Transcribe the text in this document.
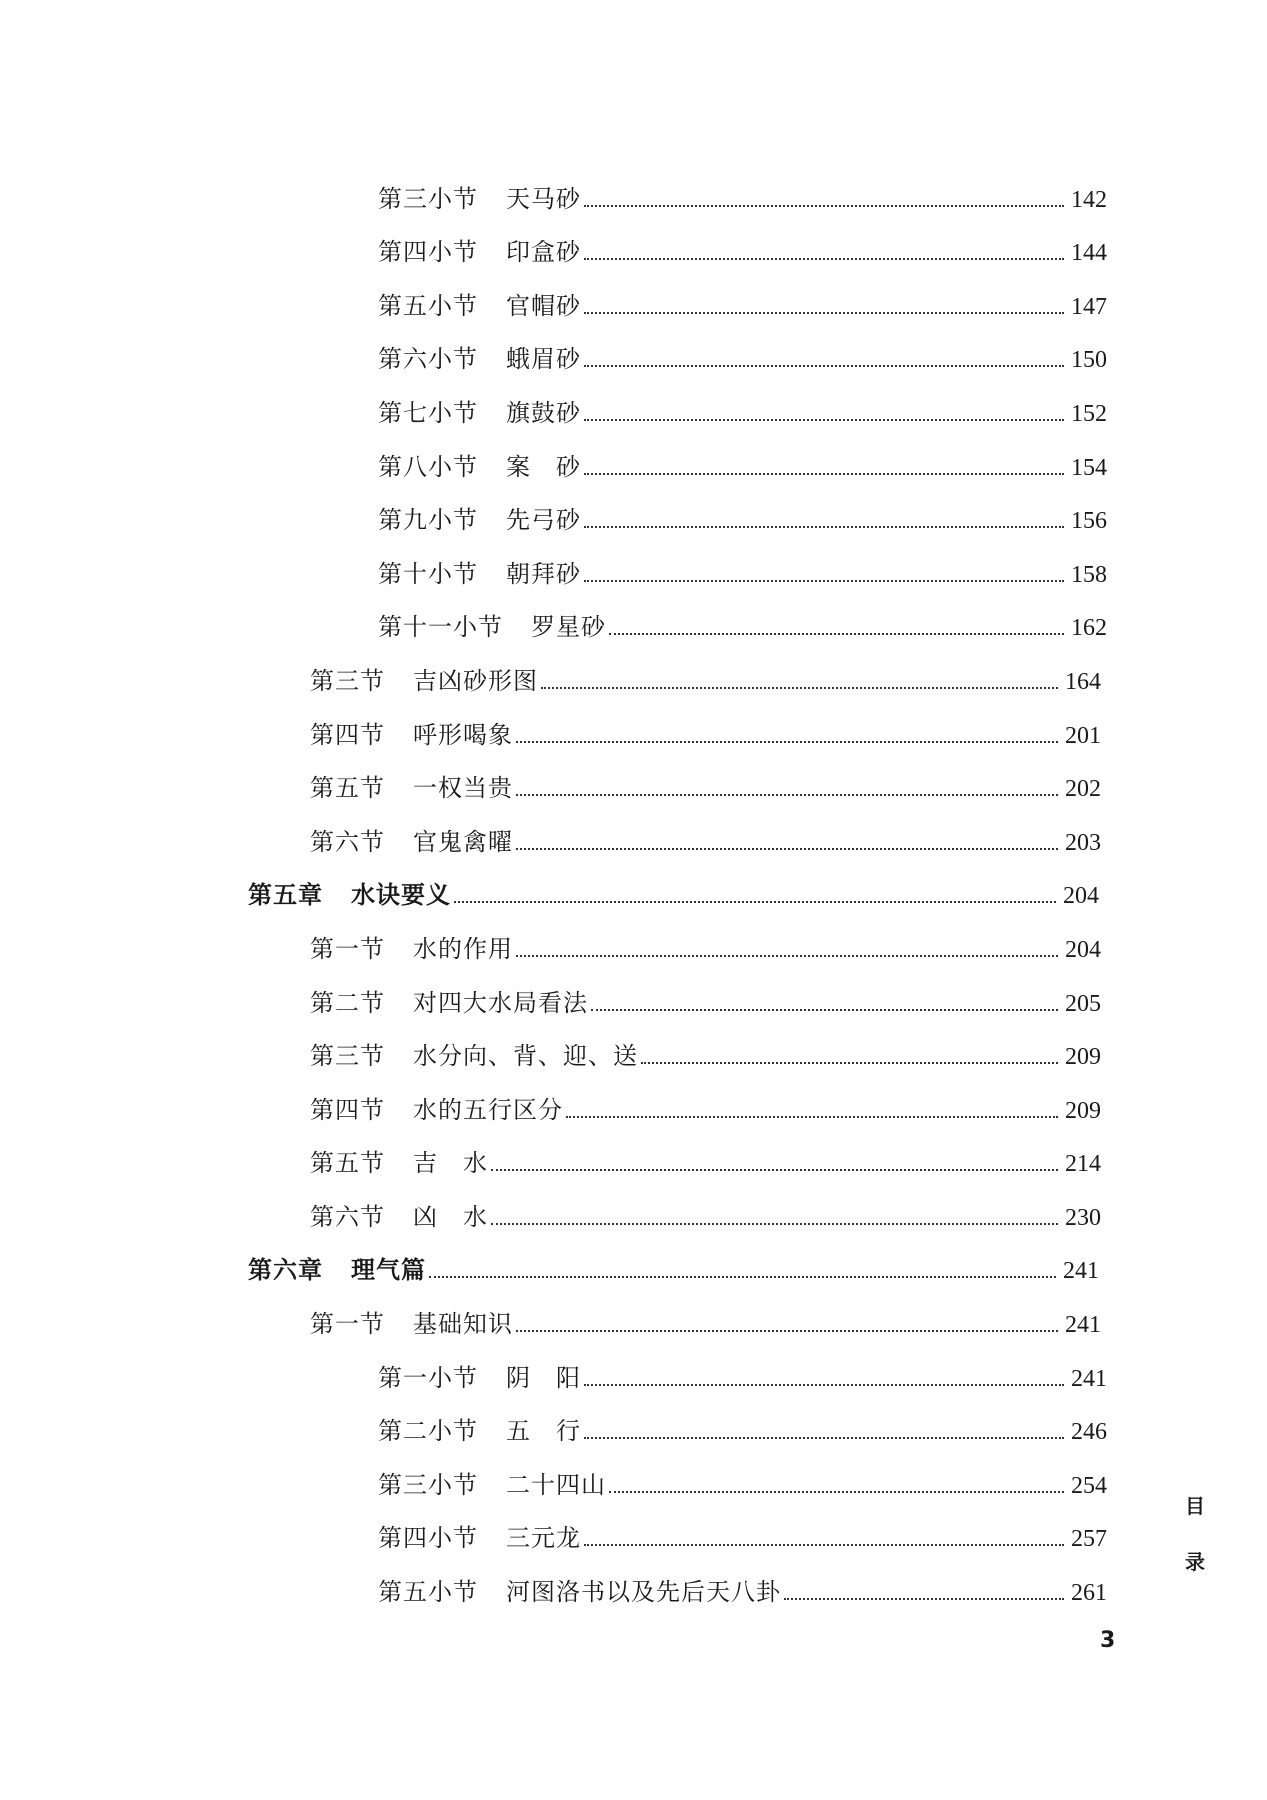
第三小节 天马砂	142
第四小节 印盒砂	144
第五小节 官帽砂	147
第六小节 蛾眉砂	150
第七小节 旗鼓砂	152
第八小节 案　砂	154
第九小节 先弓砂	156
第十小节 朝拜砂	158
第十一小节 罗星砂	162
第三节 吉凶砂形图	164
第四节 呼形喝象	201
第五节 一权当贵	202
第六节 官鬼禽曜	203
第五章 水诀要义	204
第一节 水的作用	204
第二节 对四大水局看法	205
第三节 水分向、背、迎、送	209
第四节 水的五行区分	209
第五节 吉　水	214
第六节 凶　水	230
第六章 理气篇	241
第一节 基础知识	241
第一小节 阴　阳	241
第二小节 五　行	246
第三小节 二十四山	254
第四小节 三元龙	257
第五小节 河图洛书以及先后天八卦	261
目
录
3
